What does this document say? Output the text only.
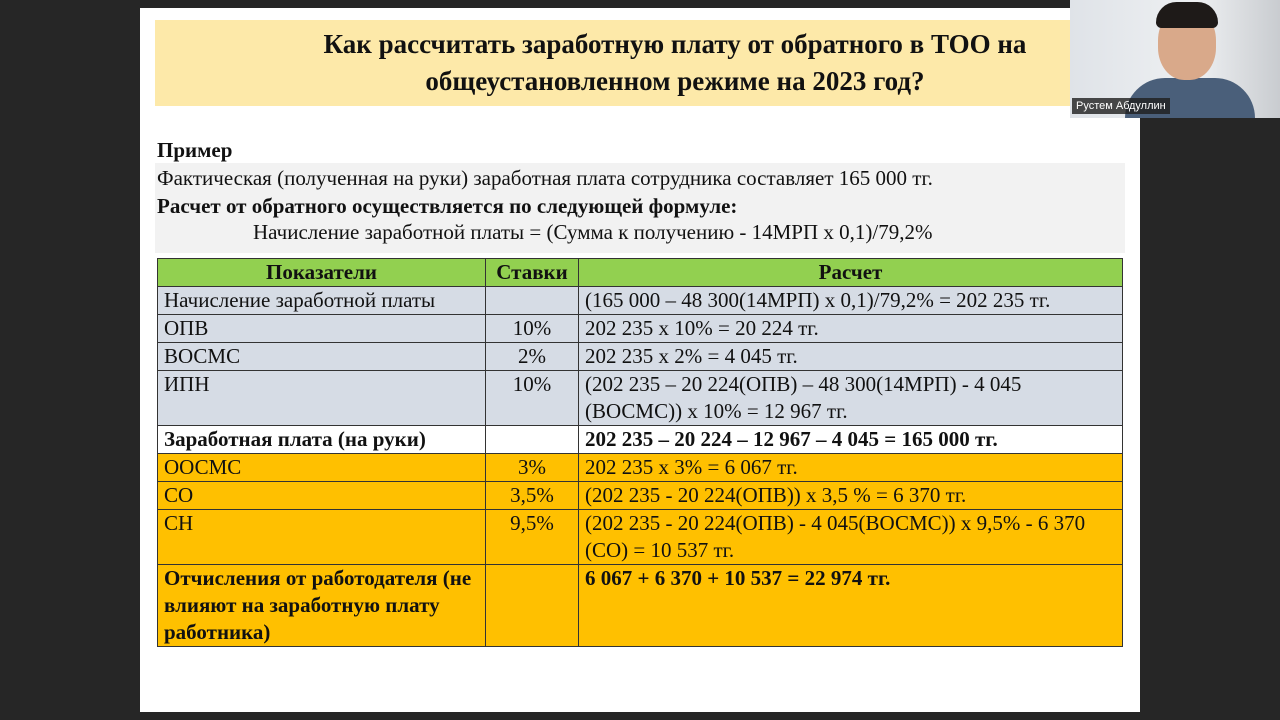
Как рассчитать заработную плату от обратного в ТОО на
общеустановленном режиме на 2023 год?
Пример
Фактическая (полученная на руки) заработная плата сотрудника составляет 165 000 тг.
Расчет от обратного осуществляется по следующей формуле:
Начисление заработной платы = (Сумма к получению - 14МРП х 0,1)/79,2%
Показатели	Ставки	Расчет
Начисление заработной платы		(165 000 – 48 300(14МРП) х 0,1)/79,2% = 202 235 тг.
ОПВ	10%	202 235 х 10% = 20 224 тг.
ВОСМС	2%	202 235 х 2% = 4 045 тг.
ИПН	10%	(202 235 – 20 224(ОПВ) – 48 300(14МРП) - 4 045 (ВОСМС)) х 10% = 12 967 тг.
Заработная плата (на руки)		202 235 – 20 224 – 12 967 – 4 045 = 165 000 тг.
ООСМС	3%	202 235 х 3% = 6 067 тг.
СО	3,5%	(202 235 - 20 224(ОПВ)) х 3,5 % = 6 370 тг.
СН	9,5%	(202 235 - 20 224(ОПВ) - 4 045(ВОСМС)) х 9,5% - 6 370 (СО) = 10 537 тг.
Отчисления от работодателя (не влияют на заработную плату работника)		6 067 + 6 370 + 10 537 = 22 974 тг.
Рустем Абдуллин
